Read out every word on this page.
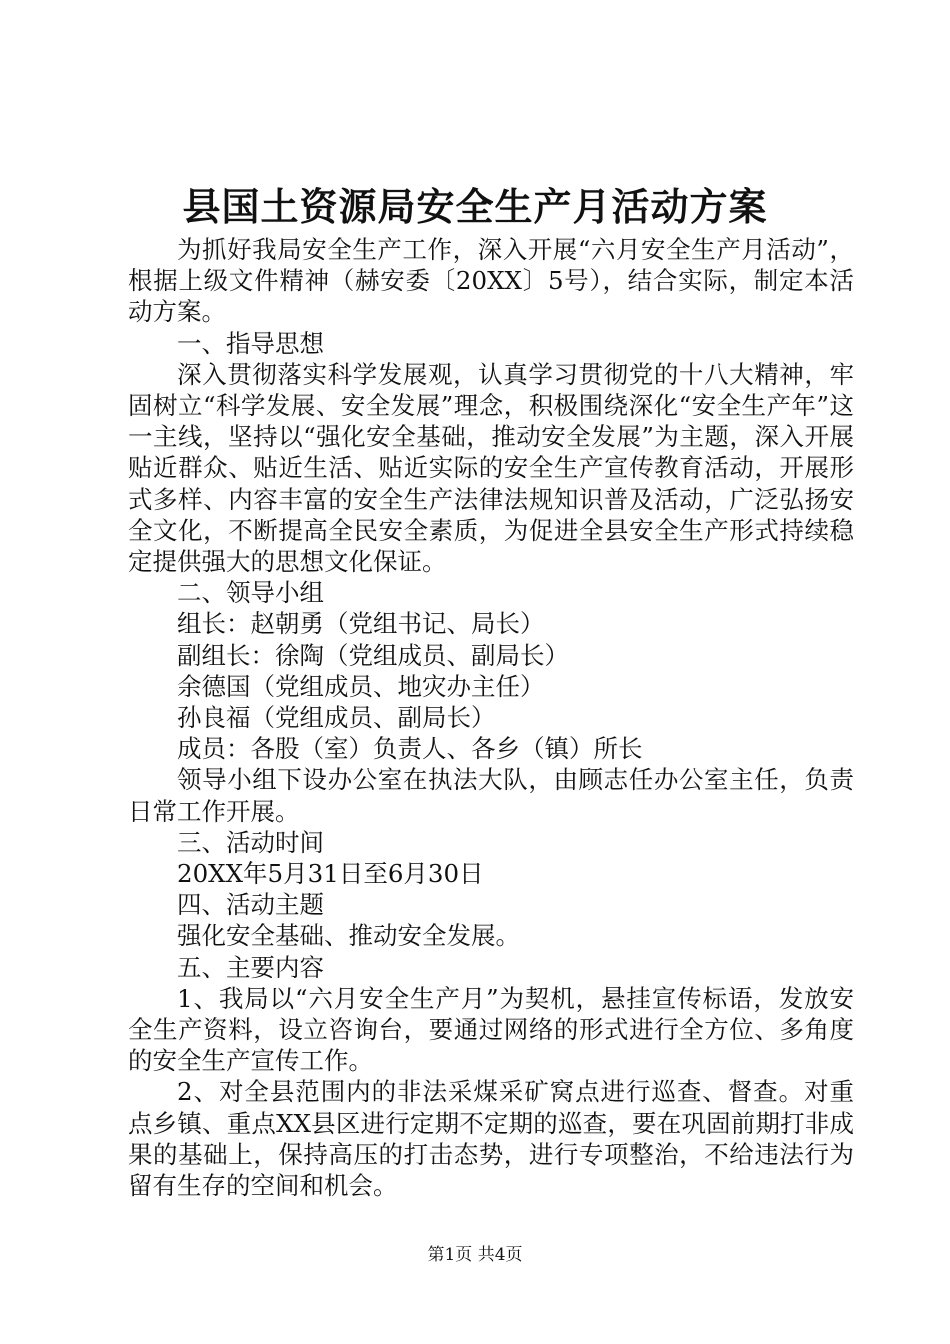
县国土资源局安全生产月活动方案

为抓好我局安全生产工作，深入开展“六月安全生产月活动”，根据上级文件精神（赫安委〔20XX〕5号），结合实际，制定本活动方案。

一、指导思想

深入贯彻落实科学发展观，认真学习贯彻党的十八大精神，牢固树立“科学发展、安全发展”理念，积极围绕深化“安全生产年”这一主线，坚持以“强化安全基础，推动安全发展”为主题，深入开展贴近群众、贴近生活、贴近实际的安全生产宣传教育活动，开展形式多样、内容丰富的安全生产法律法规知识普及活动，广泛弘扬安全文化，不断提高全民安全素质，为促进全县安全生产形式持续稳定提供强大的思想文化保证。

二、领导小组

组长：赵朝勇（党组书记、局长）

副组长：徐陶（党组成员、副局长）

余德国（党组成员、地灾办主任）

孙良福（党组成员、副局长）

成员：各股（室）负责人、各乡（镇）所长

领导小组下设办公室在执法大队，由顾志任办公室主任，负责日常工作开展。

三、活动时间

20XX年5月31日至6月30日

四、活动主题

强化安全基础、推动安全发展。

五、主要内容

1、我局以“六月安全生产月”为契机，悬挂宣传标语，发放安全生产资料，设立咨询台，要通过网络的形式进行全方位、多角度的安全生产宣传工作。

2、对全县范围内的非法采煤采矿窝点进行巡查、督查。对重点乡镇、重点XX县区进行定期不定期的巡查，要在巩固前期打非成果的基础上，保持高压的打击态势，进行专项整治，不给违法行为留有生存的空间和机会。

第1页 共4页
